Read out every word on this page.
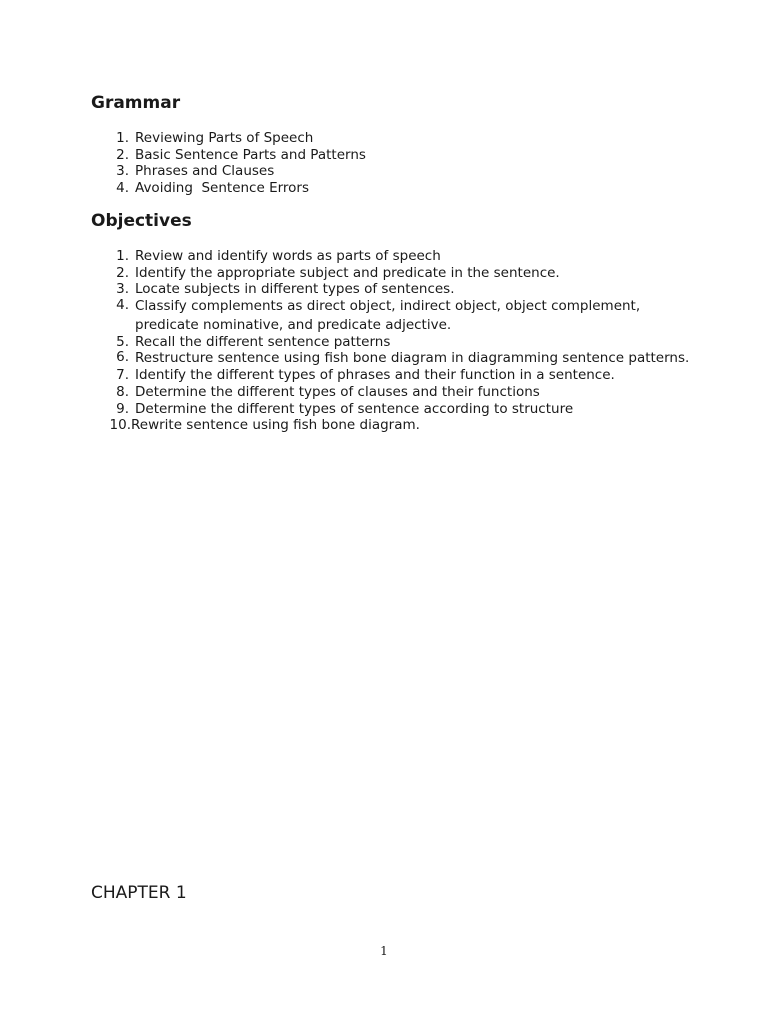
Grammar
1. Reviewing Parts of Speech
2. Basic Sentence Parts and Patterns
3. Phrases and Clauses
4. Avoiding  Sentence Errors
Objectives
1. Review and identify words as parts of speech
2. Identify the appropriate subject and predicate in the sentence.
3. Locate subjects in different types of sentences.
4. Classify complements as direct object, indirect object, object complement, predicate nominative, and predicate adjective.
5. Recall the different sentence patterns
6. Restructure sentence using fish bone diagram in diagramming sentence patterns.
7. Identify the different types of phrases and their function in a sentence.
8. Determine the different types of clauses and their functions
9. Determine the different types of sentence according to structure
10. Rewrite sentence using fish bone diagram.
CHAPTER 1
1
